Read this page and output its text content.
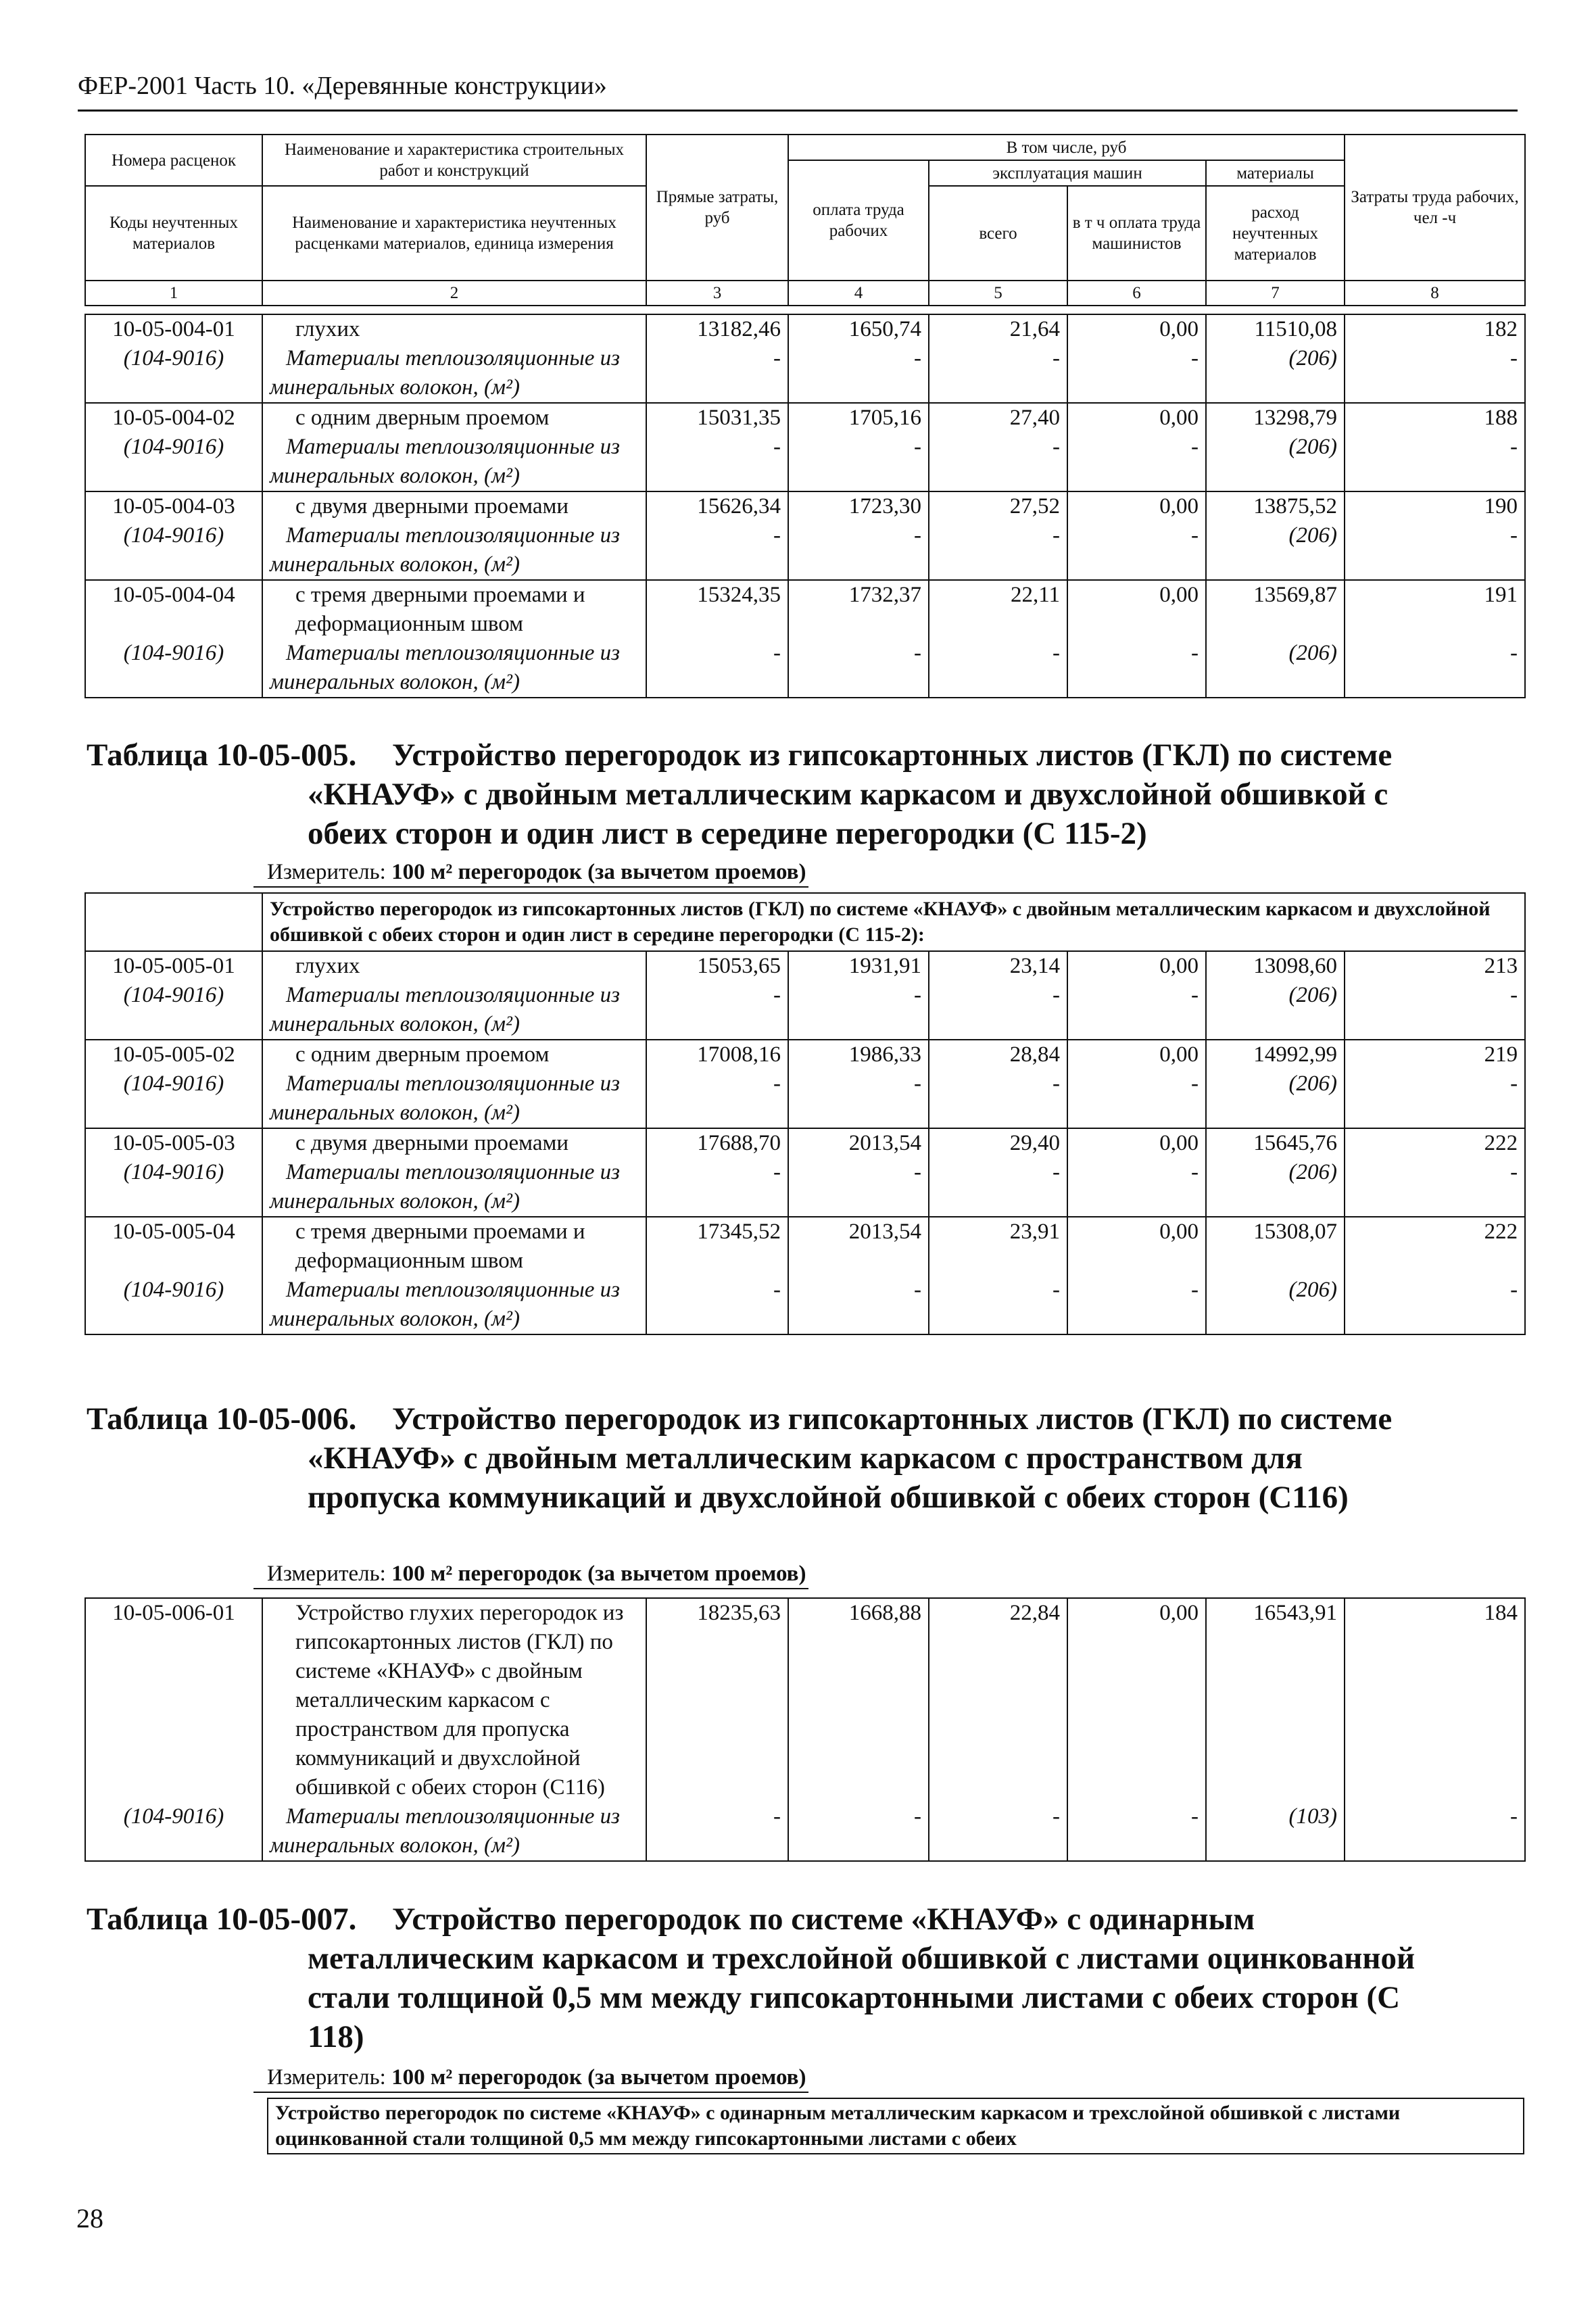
ФЕР-2001 Часть 10. «Деревянные конструкции»
Номера расценок	Наименование и характеристика строительных работ и конструкций	Прямые затраты, руб	В том числе, руб				Затраты труда рабочих, чел -ч
			оплата труда рабочих	эксплуатация машин		материалы	
Коды неучтенных материалов	Наименование и характеристика неучтенных расценками материалов, единица измерения			всего	в т ч оплата труда машинистов	расход неучтенных материалов	

1	2	3	4	5	6	7	8
10-05-004-01	глухих	13182,46	1650,74	21,64	0,00	11510,08	182
(104-9016)	Материалы теплоизоляционные из минеральных волокон, (м²)	-	-	-	-	(206)	-
10-05-004-02	с одним дверным проемом	15031,35	1705,16	27,40	0,00	13298,79	188
(104-9016)	Материалы теплоизоляционные из минеральных волокон, (м²)	-	-	-	-	(206)	-
10-05-004-03	с двумя дверными проемами	15626,34	1723,30	27,52	0,00	13875,52	190
(104-9016)	Материалы теплоизоляционные из минеральных волокон, (м²)	-	-	-	-	(206)	-
10-05-004-04	с тремя дверными проемами и деформационным швом	15324,35	1732,37	22,11	0,00	13569,87	191
(104-9016)	Материалы теплоизоляционные из минеральных волокон, (м²)	-	-	-	-	(206)	-
Таблица 10-05-005.	Устройство перегородок из гипсокартонных листов (ГКЛ) по системе «КНАУФ» с двойным металлическим каркасом и двухслойной обшивкой с обеих сторон и один лист в середине перегородки (С 115-2)
Измеритель: 100 м² перегородок (за вычетом проемов)
	Устройство перегородок из гипсокартонных листов (ГКЛ) по системе «КНАУФ» с двойным металлическим каркасом и двухслойной обшивкой с обеих сторон и один лист в середине перегородки (С 115-2):						
10-05-005-01	глухих	15053,65	1931,91	23,14	0,00	13098,60	213
(104-9016)	Материалы теплоизоляционные из минеральных волокон, (м²)	-	-	-	-	(206)	-
10-05-005-02	с одним дверным проемом	17008,16	1986,33	28,84	0,00	14992,99	219
(104-9016)	Материалы теплоизоляционные из минеральных волокон, (м²)	-	-	-	-	(206)	-
10-05-005-03	с двумя дверными проемами	17688,70	2013,54	29,40	0,00	15645,76	222
(104-9016)	Материалы теплоизоляционные из минеральных волокон, (м²)	-	-	-	-	(206)	-
10-05-005-04	с тремя дверными проемами и деформационным швом	17345,52	2013,54	23,91	0,00	15308,07	222
(104-9016)	Материалы теплоизоляционные из минеральных волокон, (м²)	-	-	-	-	(206)	-
Таблица 10-05-006.	Устройство перегородок из гипсокартонных листов (ГКЛ) по системе «КНАУФ» с двойным металлическим каркасом с пространством для пропуска коммуникаций и двухслойной обшивкой с обеих сторон (С116)
Измеритель: 100 м² перегородок (за вычетом проемов)
10-05-006-01	Устройство глухих перегородок из гипсокартонных листов (ГКЛ) по системе «КНАУФ» с двойным металлическим каркасом с пространством для пропуска коммуникаций и двухслойной обшивкой с обеих сторон (С116)	18235,63	1668,88	22,84	0,00	16543,91	184
(104-9016)	Материалы теплоизоляционные из минеральных волокон, (м²)	-	-	-	-	(103)	-
Таблица 10-05-007.	Устройство перегородок по системе «КНАУФ» с одинарным металлическим каркасом и трехслойной обшивкой с листами оцинкованной стали толщиной 0,5 мм между гипсокартонными листами с обеих сторон (С 118)
Измеритель: 100 м² перегородок (за вычетом проемов)
Устройство перегородок по системе «КНАУФ» с одинарным металлическим каркасом и трехслойной обшивкой с листами оцинкованной стали толщиной 0,5 мм между гипсокартонными листами с обеих
28
